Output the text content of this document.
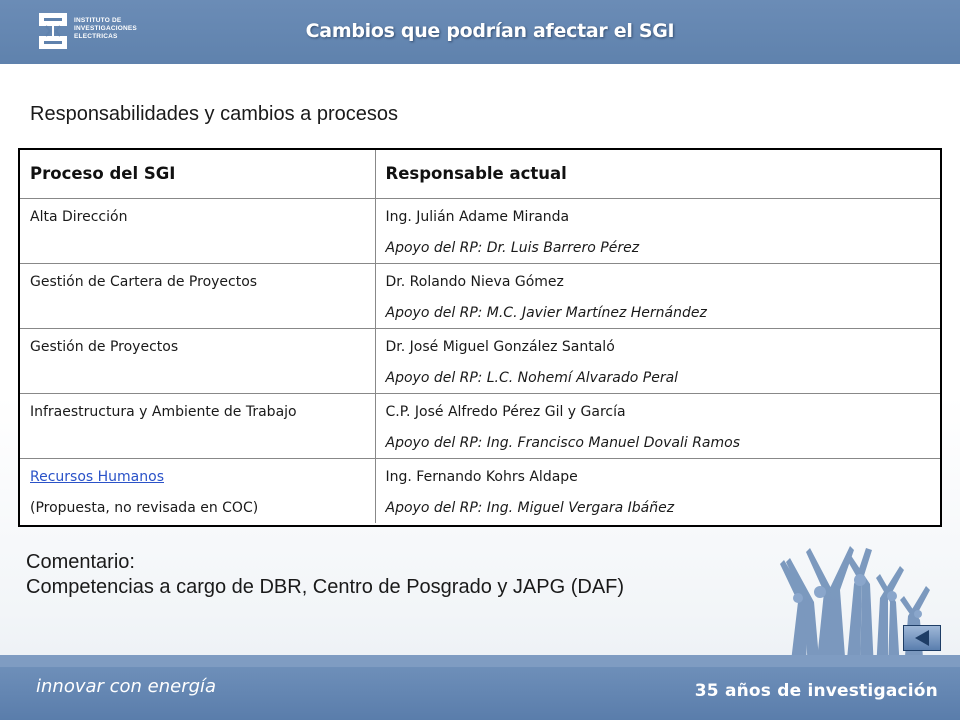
INSTITUTO DE
INVESTIGACIONES
ELECTRICAS	Cambios que podrían afectar el SGI
Responsabilidades y cambios a procesos
Proceso del SGI	Responsable actual

Alta Dirección	Ing. Julián Adame Miranda
Apoyo del RP: Dr. Luis Barrero Pérez

Gestión de Cartera de Proyectos	Dr. Rolando Nieva Gómez
Apoyo del RP: M.C. Javier Martínez Hernández

Gestión de Proyectos	Dr. José Miguel González Santaló
Apoyo del RP: L.C. Nohemí Alvarado Peral

Infraestructura y Ambiente de Trabajo	C.P. José Alfredo Pérez Gil y García
Apoyo del RP: Ing. Francisco Manuel Dovali Ramos

Recursos Humanos
(Propuesta, no revisada en COC)	Ing. Fernando Kohrs Aldape
Apoyo del RP: Ing. Miguel Vergara Ibáñez
Comentario:
Competencias a cargo de DBR, Centro de Posgrado y JAPG (DAF)
innovar con energía	35 años de investigación
